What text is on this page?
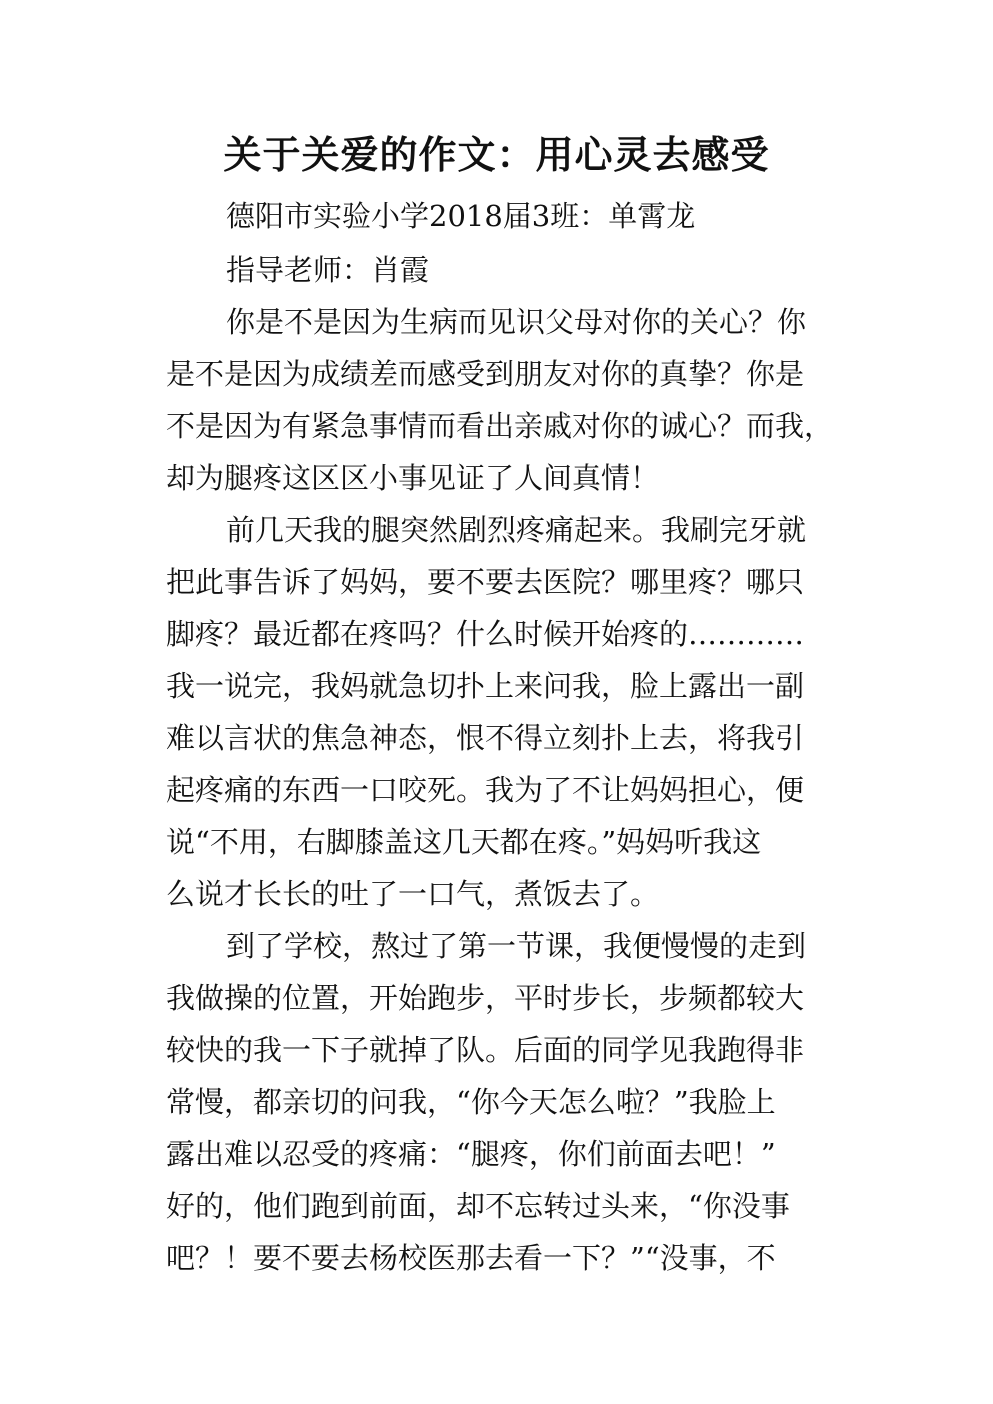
关于关爱的作文：用心灵去感受
德阳市实验小学2018届3班：单霄龙
指导老师：肖霞
你是不是因为生病而见识父母对你的关心？你
是不是因为成绩差而感受到朋友对你的真挚？你是
不是因为有紧急事情而看出亲戚对你的诚心？而我，
却为腿疼这区区小事见证了人间真情！
前几天我的腿突然剧烈疼痛起来。我刷完牙就
把此事告诉了妈妈，要不要去医院？哪里疼？哪只
脚疼？最近都在疼吗？什么时候开始疼的…………
我一说完，我妈就急切扑上来问我，脸上露出一副
难以言状的焦急神态，恨不得立刻扑上去，将我引
起疼痛的东西一口咬死。我为了不让妈妈担心，便
说“不用，右脚膝盖这几天都在疼。”妈妈听我这
么说才长长的吐了一口气，煮饭去了。
到了学校，熬过了第一节课，我便慢慢的走到
我做操的位置，开始跑步，平时步长，步频都较大
较快的我一下子就掉了队。后面的同学见我跑得非
常慢，都亲切的问我，“你今天怎么啦？”我脸上
露出难以忍受的疼痛：“腿疼，你们前面去吧！”
好的，他们跑到前面，却不忘转过头来，“你没事
吧？！要不要去杨校医那去看一下？”“没事，不
